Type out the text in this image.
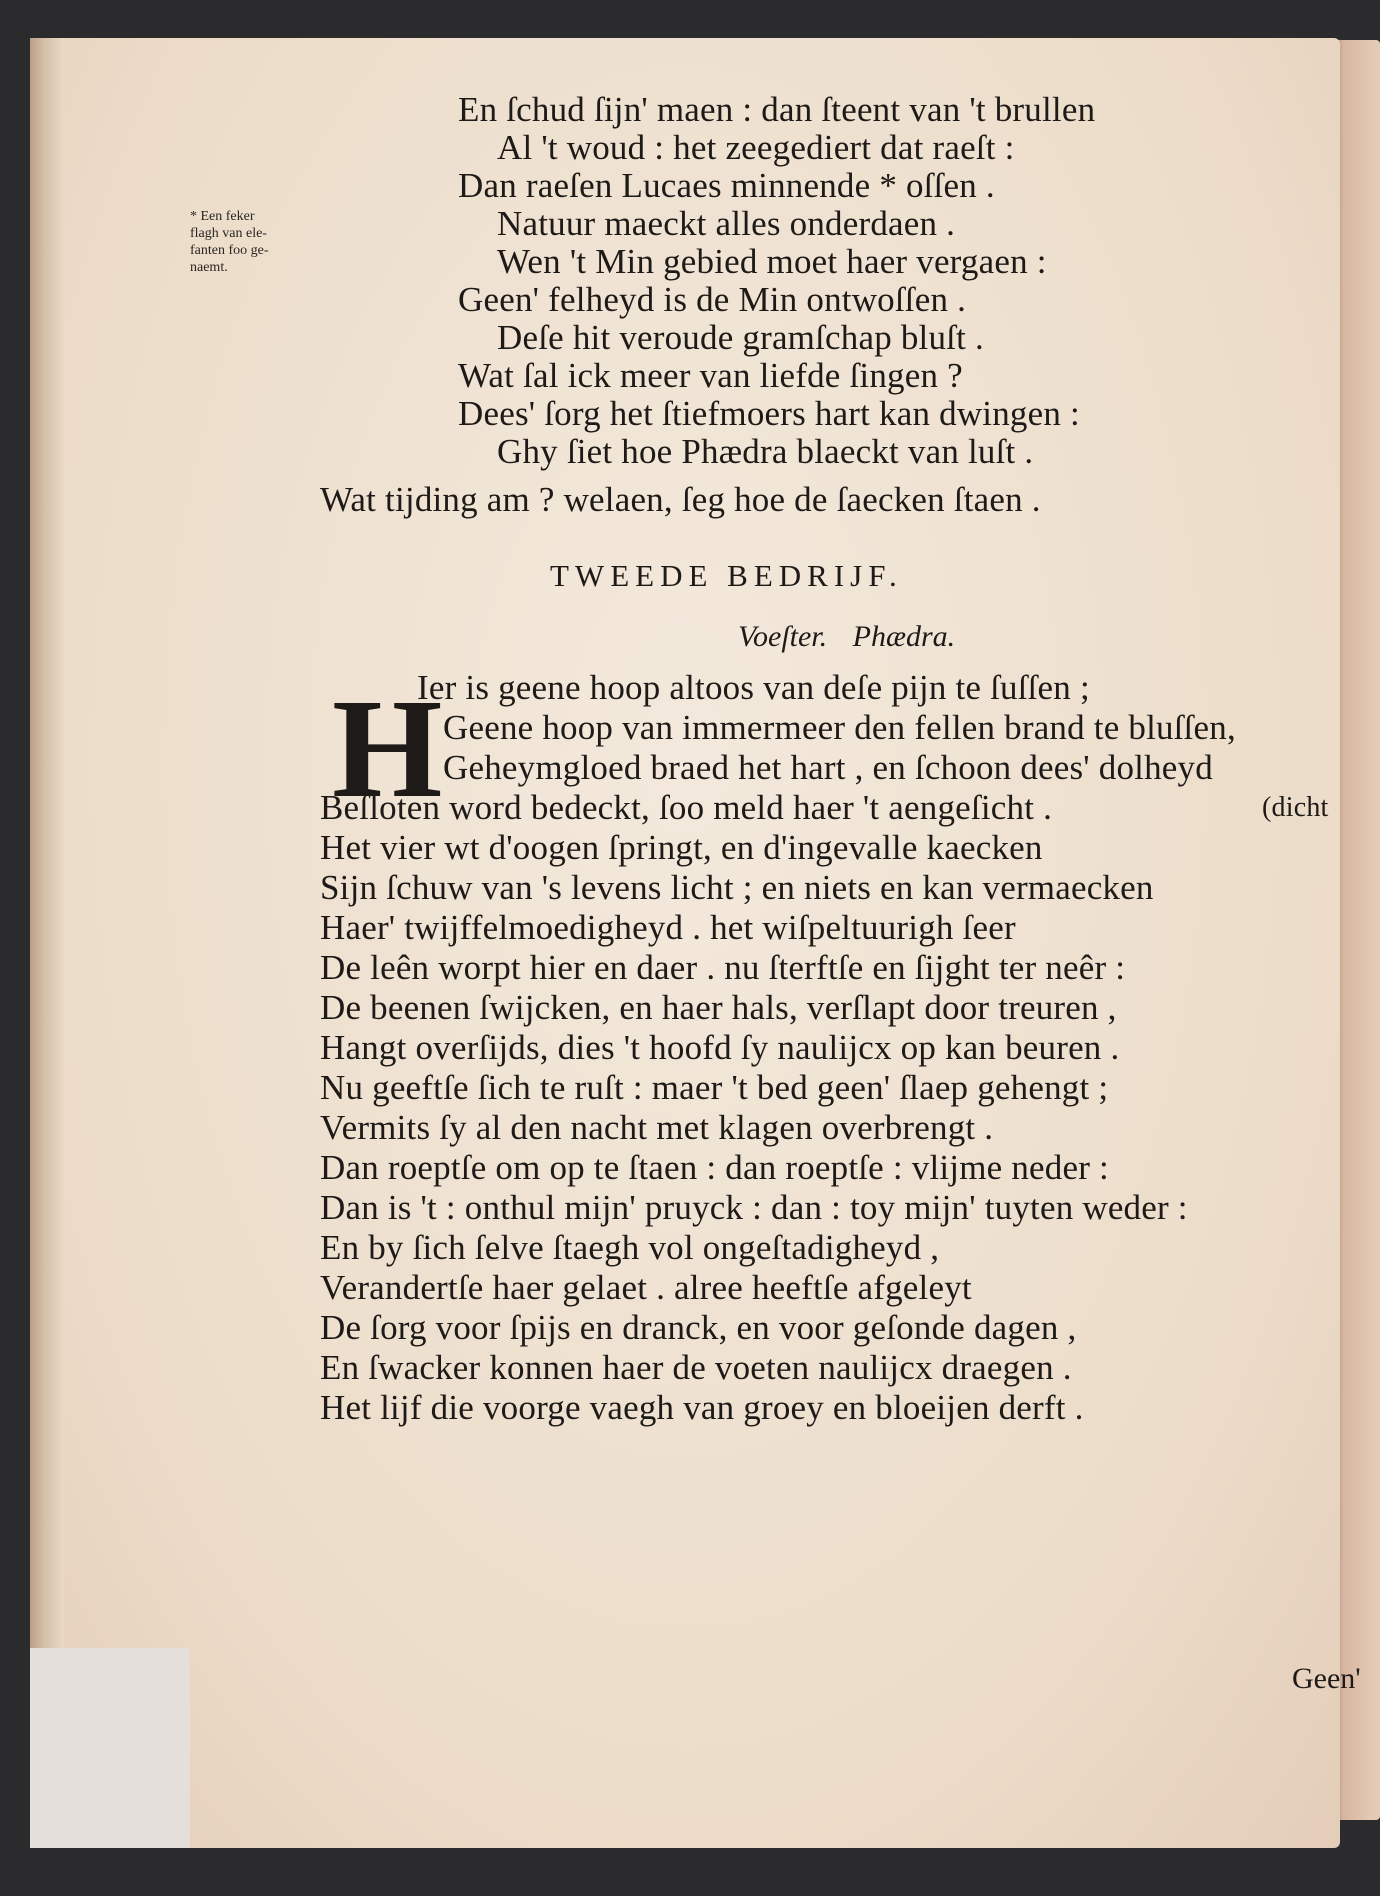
* Een feker
flagh van ele-
fanten foo ge-
naemt.
En ſchud ſijn' maen : dan ſteent van 't brullen
Al 't woud : het zeegediert dat raeſt :
Dan raeſen Lucaes minnende * oſſen .
Natuur maeckt alles onderdaen .
Wen 't Min gebied moet haer vergaen :
Geen' felheyd is de Min ontwoſſen .
Deſe hit veroude gramſchap bluſt .
Wat ſal ick meer van liefde ſingen ?
Dees' ſorg het ſtiefmoers hart kan dwingen :
Ghy ſiet hoe Phædra blaeckt van luſt .
Wat tijding am ? welaen, ſeg hoe de ſaecken ſtaen .
TWEEDE BEDRIJF.
Voeſter. Phædra.
H
Ier is geene hoop altoos van deſe pijn te ſuſſen ;
Geene hoop van immermeer den fellen brand te bluſſen,
Geheymgloed braed het hart , en ſchoon dees' dolheyd
(dicht
Beſloten word bedeckt, ſoo meld haer 't aengeſicht .
Het vier wt d'oogen ſpringt, en d'ingevalle kaecken
Sijn ſchuw van 's levens licht ; en niets en kan vermaecken
Haer' twijffelmoedigheyd . het wiſpeltuurigh ſeer
De leên worpt hier en daer . nu ſterftſe en ſijght ter neêr :
De beenen ſwijcken, en haer hals, verſlapt door treuren ,
Hangt overſijds, dies 't hoofd ſy naulijcx op kan beuren .
Nu geeftſe ſich te ruſt : maer 't bed geen' ſlaep gehengt ;
Vermits ſy al den nacht met klagen overbrengt .
Dan roeptſe om op te ſtaen : dan roeptſe : vlijme neder :
Dan is 't : onthul mijn' pruyck : dan : toy mijn' tuyten weder :
En by ſich ſelve ſtaegh vol ongeſtadigheyd ,
Verandertſe haer gelaet . alree heeftſe afgeleyt
De ſorg voor ſpijs en dranck, en voor geſonde dagen ,
En ſwacker konnen haer de voeten naulijcx draegen .
Het lijf die voorge vaegh van groey en bloeijen derft .
Geen'
